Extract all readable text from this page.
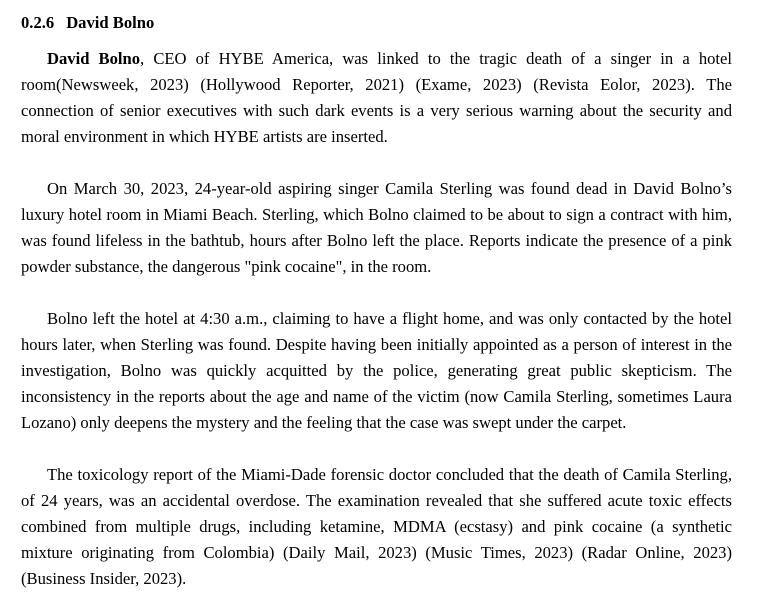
0.2.6 David Bolno

David Bolno, CEO of HYBE America, was linked to the tragic death of a singer in a hotel room(Newsweek, 2023) (Hollywood Reporter, 2021) (Exame, 2023) (Revista Eolor, 2023). The connection of senior executives with such dark events is a very serious warning about the security and moral environment in which HYBE artists are inserted.

On March 30, 2023, 24-year-old aspiring singer Camila Sterling was found dead in David Bolno’s luxury hotel room in Miami Beach. Sterling, which Bolno claimed to be about to sign a contract with him, was found lifeless in the bathtub, hours after Bolno left the place. Reports indicate the presence of a pink powder substance, the dangerous "pink cocaine", in the room.

Bolno left the hotel at 4:30 a.m., claiming to have a flight home, and was only contacted by the hotel hours later, when Sterling was found. Despite having been initially appointed as a person of interest in the investigation, Bolno was quickly acquitted by the police, generating great public skepticism. The inconsistency in the reports about the age and name of the victim (now Camila Sterling, sometimes Laura Lozano) only deepens the mystery and the feeling that the case was swept under the carpet.

The toxicology report of the Miami-Dade forensic doctor concluded that the death of Camila Sterling, of 24 years, was an accidental overdose. The examination revealed that she suffered acute toxic effects combined from multiple drugs, including ketamine, MDMA (ecstasy) and pink cocaine (a synthetic mixture originating from Colombia) (Daily Mail, 2023) (Music Times, 2023) (Radar Online, 2023) (Business Insider, 2023).
